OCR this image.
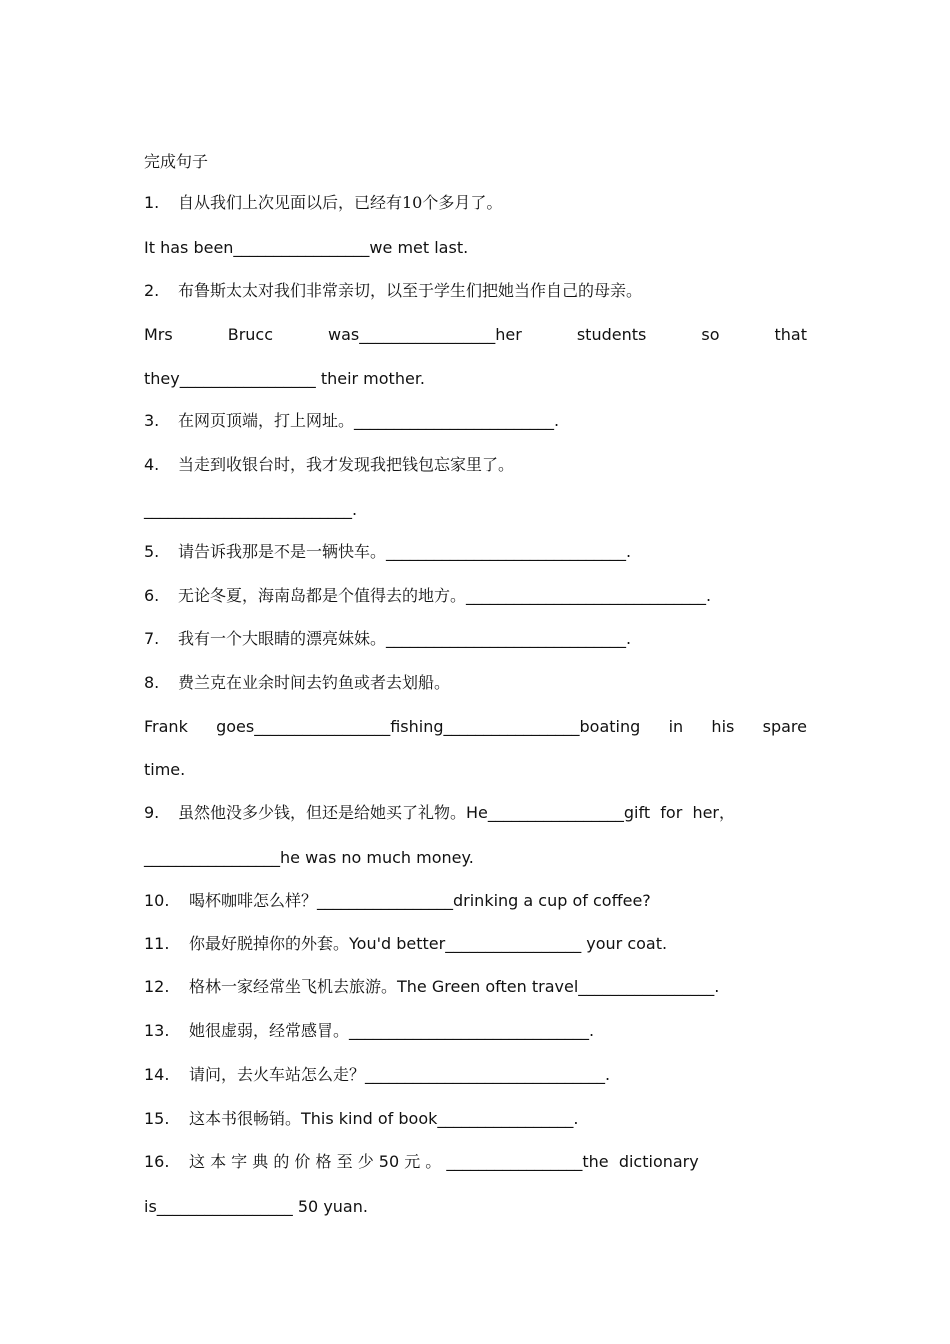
完成句子
1. 自从我们上次见面以后，已经有10个多月了。
It has been_________________we met last.
2. 布鲁斯太太对我们非常亲切，以至于学生们把她当作自己的母亲。
Mrs Brucc was_________________her students so that
they_________________ their mother.
3. 在网页顶端，打上网址。_________________________.
4. 当走到收银台时，我才发现我把钱包忘家里了。
__________________________.
5. 请告诉我那是不是一辆快车。______________________________.
6. 无论冬夏，海南岛都是个值得去的地方。______________________________.
7. 我有一个大眼睛的漂亮妹妹。______________________________.
8. 费兰克在业余时间去钓鱼或者去划船。
Frank goes_________________fishing_________________boating in his spare
time.
9. 虽然他没多少钱，但还是给她买了礼物。He_________________gift  for  her，
_________________he was no much money.
10. 喝杯咖啡怎么样？_________________drinking a cup of coffee?
11. 你最好脱掉你的外套。You'd better_________________ your coat.
12. 格林一家经常坐飞机去旅游。The Green often travel_________________.
13. 她很虚弱，经常感冒。______________________________.
14. 请问，去火车站怎么走？______________________________.
15. 这本书很畅销。This kind of book_________________.
16. 这 本 字 典 的 价 格 至 少 50 元 。 _________________the  dictionary
is_________________ 50 yuan.
